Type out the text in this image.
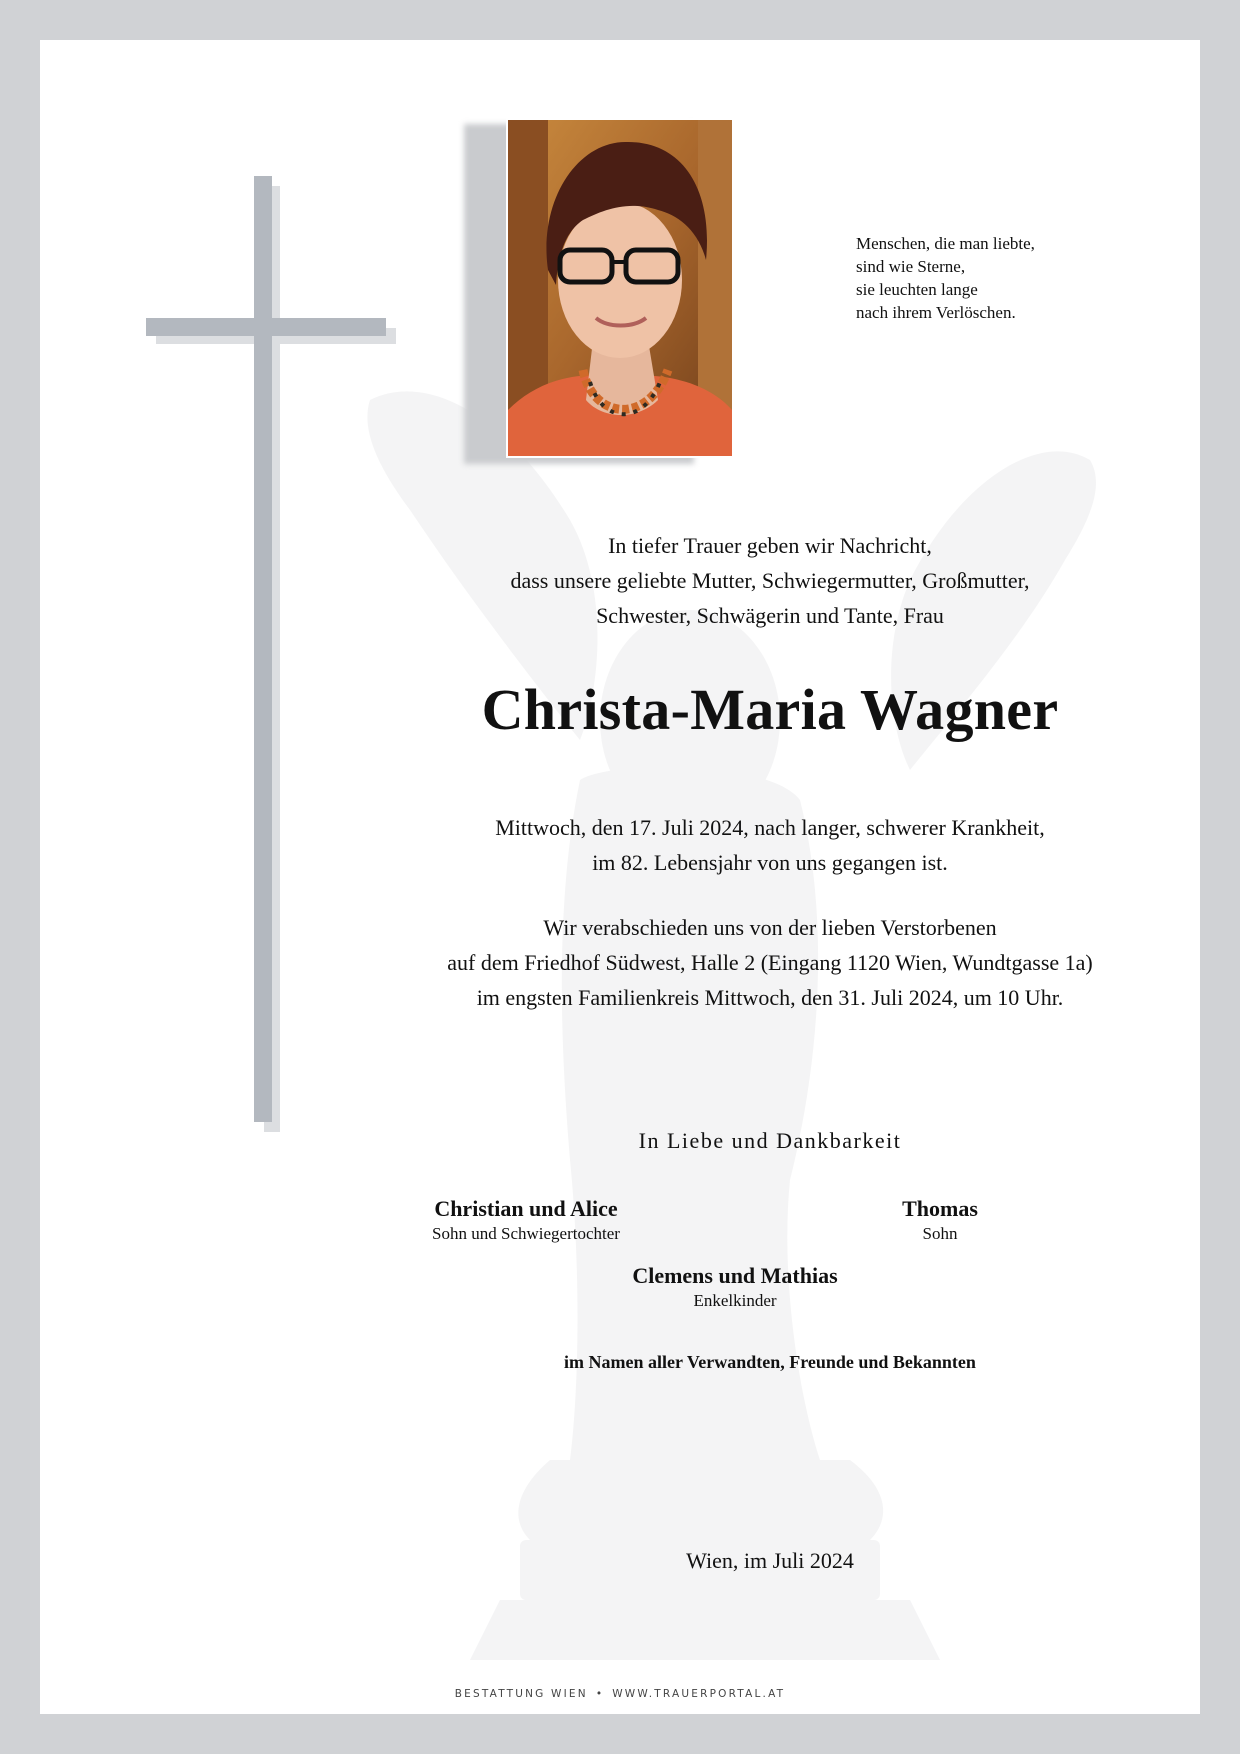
Menschen, die man liebte,
sind wie Sterne,
sie leuchten lange
nach ihrem Verlöschen.
In tiefer Trauer geben wir Nachricht,
dass unsere geliebte Mutter, Schwiegermutter, Großmutter,
Schwester, Schwägerin und Tante, Frau
Christa-Maria Wagner
Mittwoch, den 17. Juli 2024, nach langer, schwerer Krankheit,
im 82. Lebensjahr von uns gegangen ist.
Wir verabschieden uns von der lieben Verstorbenen
auf dem Friedhof Südwest, Halle 2 (Eingang 1120 Wien, Wundtgasse 1a)
im engsten Familienkreis Mittwoch, den 31. Juli 2024, um 10 Uhr.
In Liebe und Dankbarkeit
Christian und Alice
Sohn und Schwiegertochter
Thomas
Sohn
Clemens und Mathias
Enkelkinder
im Namen aller Verwandten, Freunde und Bekannten
Wien, im Juli 2024
BESTATTUNG WIEN • WWW.TRAUERPORTAL.AT
